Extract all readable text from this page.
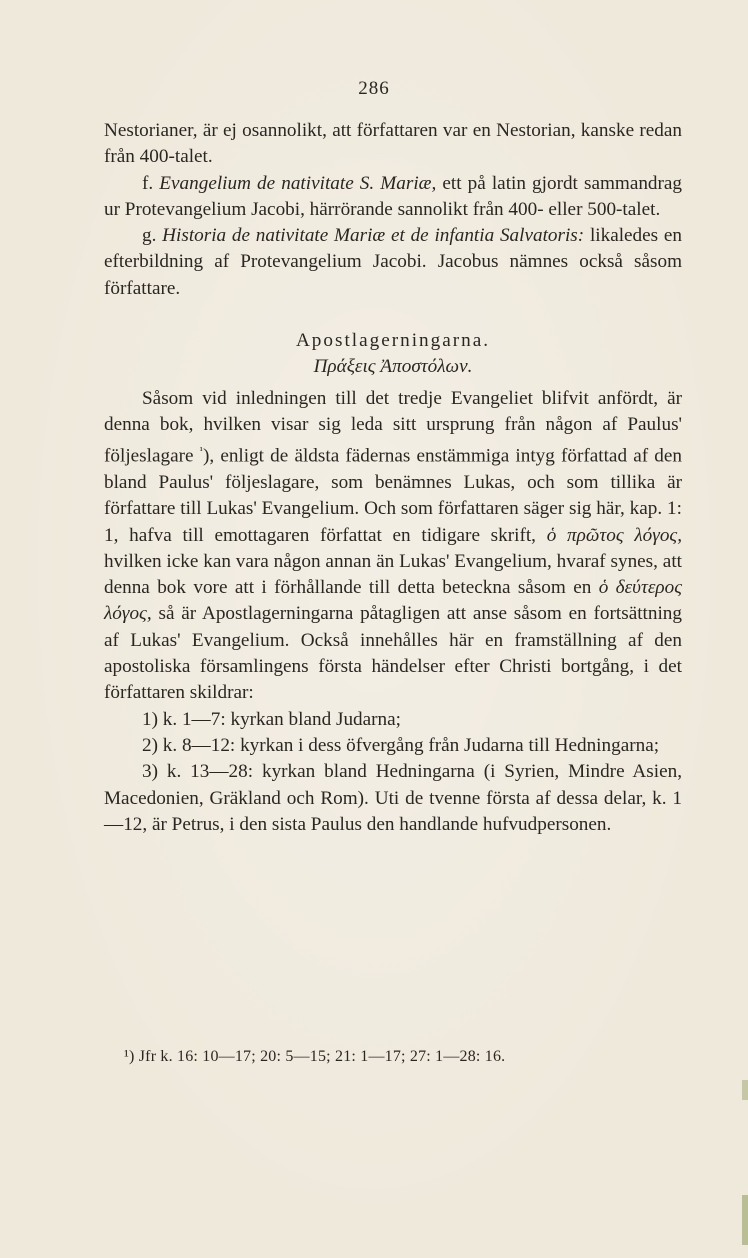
286

Nestorianer, är ej osannolikt, att författaren var en Nestorian, kanske redan från 400-talet.

f. Evangelium de nativitate S. Mariæ, ett på latin gjordt sammandrag ur Protevangelium Jacobi, härrörande sannolikt från 400- eller 500-talet.

g. Historia de nativitate Mariæ et de infantia Salvatoris: likaledes en efterbildning af Protevangelium Jacobi. Jacobus nämnes också såsom författare.

Apostlagerningarna.

Πράξεις Ἀποστόλων.

Såsom vid inledningen till det tredje Evangeliet blifvit anfördt, är denna bok, hvilken visar sig leda sitt ursprung från någon af Paulus' följeslagare $^{^1}$), enligt de äldsta fädernas enstämmiga intyg författad af den bland Paulus' följeslagare, som benämnes Lukas, och som tillika är författare till Lukas' Evangelium. Och som författaren säger sig här, kap. 1: 1, hafva till emottagaren författat en tidigare skrift, ὁ πρῶτος λόγος, hvilken icke kan vara någon annan än Lukas' Evangelium, hvaraf synes, att denna bok vore att i förhållande till detta beteckna såsom en ὁ δεύτερος λόγος, så är Apostlagerningarna påtagligen att anse såsom en fortsättning af Lukas' Evangelium. Också innehålles här en framställning af den apostoliska församlingens första händelser efter Christi bortgång, i det författaren skildrar:

1) k. 1—7: kyrkan bland Judarna;

2) k. 8—12: kyrkan i dess öfvergång från Judarna till Hedningarna;

3) k. 13—28: kyrkan bland Hedningarna (i Syrien, Mindre Asien, Macedonien, Gräkland och Rom). Uti de tvenne första af dessa delar, k. 1—12, är Petrus, i den sista Paulus den handlande hufvudpersonen.

¹) Jfr k. 16: 10—17; 20: 5—15; 21: 1—17; 27: 1—28: 16.
